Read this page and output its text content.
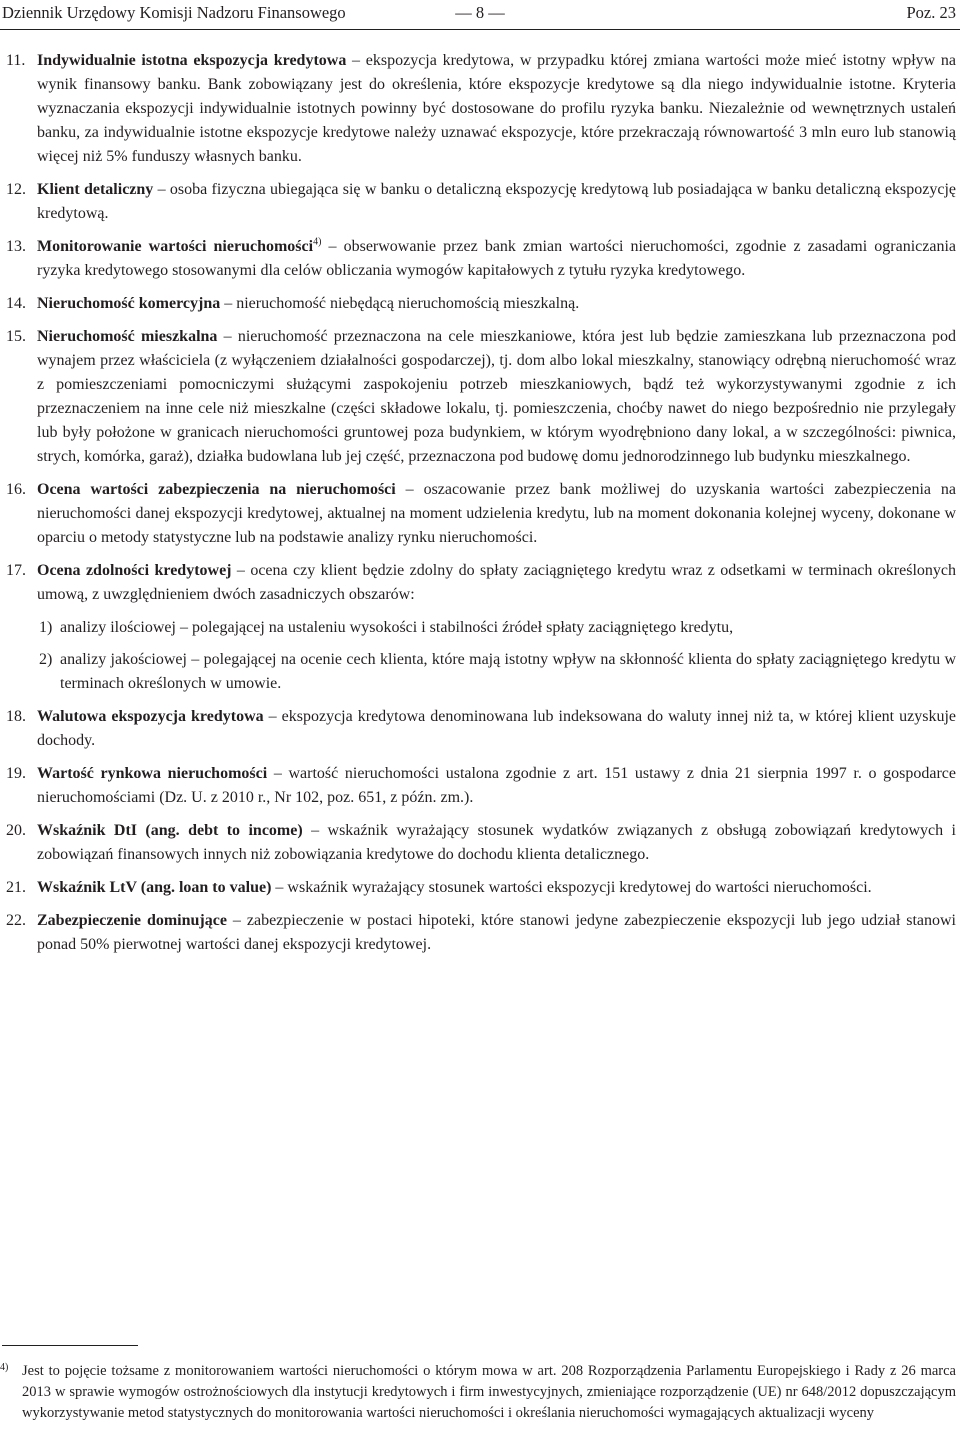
Dziennik Urzędowy Komisji Nadzoru Finansowego	— 8 —	Poz. 23
11. Indywidualnie istotna ekspozycja kredytowa – ekspozycja kredytowa, w przypadku której zmiana wartości może mieć istotny wpływ na wynik finansowy banku. Bank zobowiązany jest do określenia, które ekspozycje kredytowe są dla niego indywidualnie istotne. Kryteria wyznaczania ekspozycji indywidualnie istotnych powinny być dostosowane do profilu ryzyka banku. Niezależnie od wewnętrznych ustaleń banku, za indywidualnie istotne ekspozycje kredytowe należy uznawać ekspozycje, które przekraczają równowartość 3 mln euro lub stanowią więcej niż 5% funduszy własnych banku.
12. Klient detaliczny – osoba fizyczna ubiegająca się w banku o detaliczną ekspozycję kredytową lub posiadająca w banku detaliczną ekspozycję kredytową.
13. Monitorowanie wartości nieruchomości$^{4)}$ – obserwowanie przez bank zmian wartości nieruchomości, zgodnie z zasadami ograniczania ryzyka kredytowego stosowanymi dla celów obliczania wymogów kapitałowych z tytułu ryzyka kredytowego.
14. Nieruchomość komercyjna – nieruchomość niebędącą nieruchomością mieszkalną.
15. Nieruchomość mieszkalna – nieruchomość przeznaczona na cele mieszkaniowe, która jest lub będzie zamieszkana lub przeznaczona pod wynajem przez właściciela (z wyłączeniem działalności gospodarczej), tj. dom albo lokal mieszkalny, stanowiący odrębną nieruchomość wraz z pomieszczeniami pomocniczymi służącymi zaspokojeniu potrzeb mieszkaniowych, bądź też wykorzystywanymi zgodnie z ich przeznaczeniem na inne cele niż mieszkalne (części składowe lokalu, tj. pomieszczenia, choćby nawet do niego bezpośrednio nie przylegały lub były położone w granicach nieruchomości gruntowej poza budynkiem, w którym wyodrębniono dany lokal, a w szczególności: piwnica, strych, komórka, garaż), działka budowlana lub jej część, przeznaczona pod budowę domu jednorodzinnego lub budynku mieszkalnego.
16. Ocena wartości zabezpieczenia na nieruchomości – oszacowanie przez bank możliwej do uzyskania wartości zabezpieczenia na nieruchomości danej ekspozycji kredytowej, aktualnej na moment udzielenia kredytu, lub na moment dokonania kolejnej wyceny, dokonane w oparciu o metody statystyczne lub na podstawie analizy rynku nieruchomości.
17. Ocena zdolności kredytowej – ocena czy klient będzie zdolny do spłaty zaciągniętego kredytu wraz z odsetkami w terminach określonych umową, z uwzględnieniem dwóch zasadniczych obszarów:
1) analizy ilościowej – polegającej na ustaleniu wysokości i stabilności źródeł spłaty zaciągniętego kredytu,
2) analizy jakościowej – polegającej na ocenie cech klienta, które mają istotny wpływ na skłonność klienta do spłaty zaciągniętego kredytu w terminach określonych w umowie.
18. Walutowa ekspozycja kredytowa – ekspozycja kredytowa denominowana lub indeksowana do waluty innej niż ta, w której klient uzyskuje dochody.
19. Wartość rynkowa nieruchomości – wartość nieruchomości ustalona zgodnie z art. 151 ustawy z dnia 21 sierpnia 1997 r. o gospodarce nieruchomościami (Dz. U. z 2010 r., Nr 102, poz. 651, z późn. zm.).
20. Wskaźnik DtI (ang. debt to income) – wskaźnik wyrażający stosunek wydatków związanych z obsługą zobowiązań kredytowych i zobowiązań finansowych innych niż zobowiązania kredytowe do dochodu klienta detalicznego.
21. Wskaźnik LtV (ang. loan to value) – wskaźnik wyrażający stosunek wartości ekspozycji kredytowej do wartości nieruchomości.
22. Zabezpieczenie dominujące – zabezpieczenie w postaci hipoteki, które stanowi jedyne zabezpieczenie ekspozycji lub jego udział stanowi ponad 50% pierwotnej wartości danej ekspozycji kredytowej.
4) Jest to pojęcie tożsame z monitorowaniem wartości nieruchomości o którym mowa w art. 208 Rozporządzenia Parlamentu Europejskiego i Rady z 26 marca 2013 w sprawie wymogów ostrożnościowych dla instytucji kredytowych i firm inwestycyjnych, zmieniające rozporządzenie (UE) nr 648/2012 dopuszczającym wykorzystywanie metod statystycznych do monitorowania wartości nieruchomości i określania nieruchomości wymagających aktualizacji wyceny
